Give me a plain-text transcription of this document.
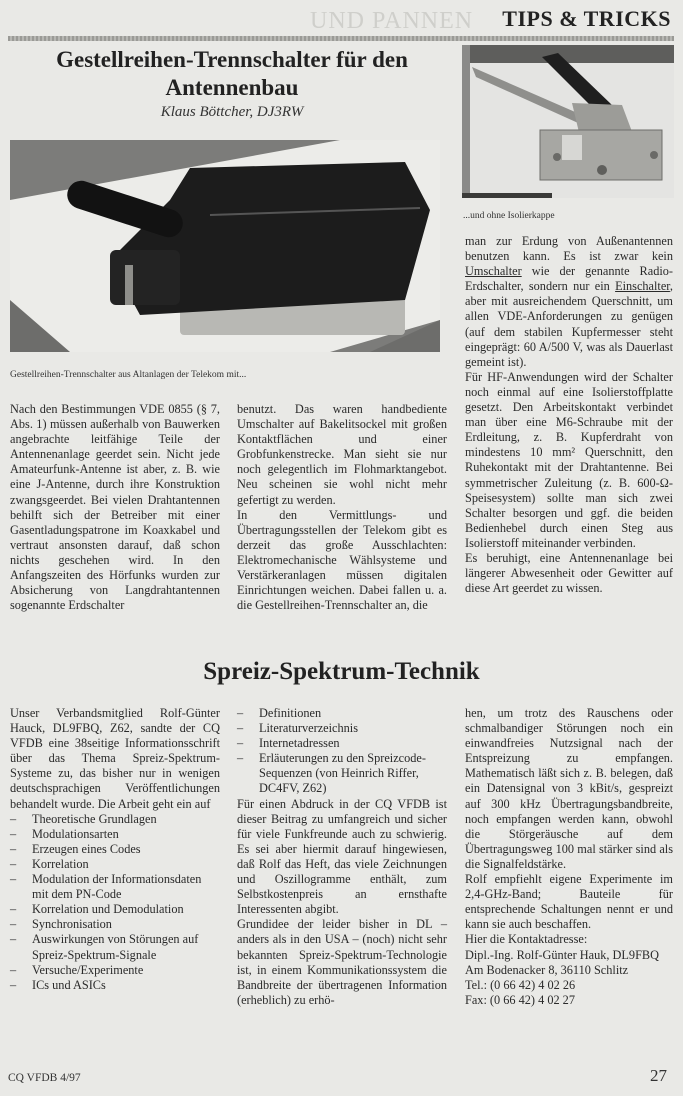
UND PANNEN TIPS & TRICKS
Gestellreihen-Trennschalter für den
Antennenbau
Klaus Böttcher, DJ3RW
...und ohne Isolierkappe
Gestellreihen-Trennschalter aus Altanlagen der Telekom mit...

Nach den Bestimmungen VDE 0855 (§ 7, Abs. 1) müssen außerhalb von Bauwerken angebrachte leitfähige Teile der Antennenanlage geerdet sein. Nicht jede Amateurfunk-Antenne ist aber, z. B. wie eine J-Antenne, durch ihre Konstruktion zwangsgeerdet. Bei vielen Drahtantennen behilft sich der Betreiber mit einer Gasentladungspatrone im Koaxkabel und vertraut ansonsten darauf, daß schon nichts geschehen wird. In den Anfangszeiten des Hörfunks wurden zur Absicherung von Langdrahtantennen sogenannte Erdschalter

benutzt. Das waren handbediente Umschalter auf Bakelitsockel mit großen Kontaktflächen und einer Grobfunkenstrecke. Man sieht sie nur noch gelegentlich im Flohmarktangebot. Neu scheinen sie wohl nicht mehr gefertigt zu werden.

In den Vermittlungs- und Übertragungsstellen der Telekom gibt es derzeit das große Ausschlachten: Elektromechanische Wählsysteme und Verstärkeranlagen müssen digitalen Einrichtungen weichen. Dabei fallen u. a. die Gestellreihen-Trennschalter an, die

man zur Erdung von Außenantennen benutzen kann. Es ist zwar kein Umschalter wie der genannte Radio-Erdschalter, sondern nur ein Einschalter, aber mit ausreichendem Querschnitt, um allen VDE-Anforderungen zu genügen (auf dem stabilen Kupfermesser steht eingeprägt: 60 A/500 V, was als Dauerlast gemeint ist).

Für HF-Anwendungen wird der Schalter noch einmal auf eine Isolierstoffplatte gesetzt. Den Arbeitskontakt verbindet man über eine M6-Schraube mit der Erdleitung, z. B. Kupferdraht von mindestens 10 mm² Querschnitt, den Ruhekontakt mit der Drahtantenne. Bei symmetrischer Zuleitung (z. B. 600-Ω-Speisesystem) sollte man sich zwei Schalter besorgen und ggf. die beiden Bedienhebel durch einen Steg aus Isolierstoff miteinander verbinden.

Es beruhigt, eine Antennenanlage bei längerer Abwesenheit oder Gewitter auf diese Art geerdet zu wissen.

Spreiz-Spektrum-Technik

Unser Verbandsmitglied Rolf-Günter Hauck, DL9FBQ, Z62, sandte der CQ VFDB eine 38seitige Informationsschrift über das Thema Spreiz-Spektrum-Systeme zu, das bisher nur in wenigen deutschsprachigen Veröffentlichungen behandelt wurde. Die Arbeit geht ein auf

–	Theoretische Grundlagen
–	Modulationsarten
–	Erzeugen eines Codes
–	Korrelation
–	Modulation der Informationsdaten mit dem PN-Code
–	Korrelation und Demodulation
–	Synchronisation
–	Auswirkungen von Störungen auf Spreiz-Spektrum-Signale
–	Versuche/Experimente
–	ICs und ASICs
–	Definitionen
–	Literaturverzeichnis
–	Internetadressen
–	Erläuterungen zu den Spreizcode-Sequenzen (von Heinrich Riffer, DC4FV, Z62)

Für einen Abdruck in der CQ VFDB ist dieser Beitrag zu umfangreich und sicher für viele Funkfreunde auch zu schwierig. Es sei aber hiermit darauf hingewiesen, daß Rolf das Heft, das viele Zeichnungen und Oszillogramme enthält, zum Selbstkostenpreis an ernsthafte Interessenten abgibt.

Grundidee der leider bisher in DL – anders als in den USA – (noch) nicht sehr bekannten Spreiz-Spektrum-Technologie ist, in einem Kommunikationssystem die Bandbreite der übertragenen Information (erheblich) zu erhö-

hen, um trotz des Rauschens oder schmalbandiger Störungen noch ein einwandfreies Nutzsignal nach der Entspreizung zu empfangen. Mathematisch läßt sich z. B. belegen, daß ein Datensignal von 3 kBit/s, gespreizt auf 300 kHz Übertragungsbandbreite, noch empfangen werden kann, obwohl die Störgeräusche auf dem Übertragungsweg 100 mal stärker sind als die Signalfeldstärke.

Rolf empfiehlt eigene Experimente im 2,4-GHz-Band; Bauteile für entsprechende Schaltungen nennt er und kann sie auch beschaffen.

Hier die Kontaktadresse:

Dipl.-Ing. Rolf-Günter Hauk, DL9FBQ

Am Bodenacker 8, 36110 Schlitz

Tel.: (0 66 42) 4 02 26

Fax: (0 66 42) 4 02 27

CQ VFDB 4/97	27
